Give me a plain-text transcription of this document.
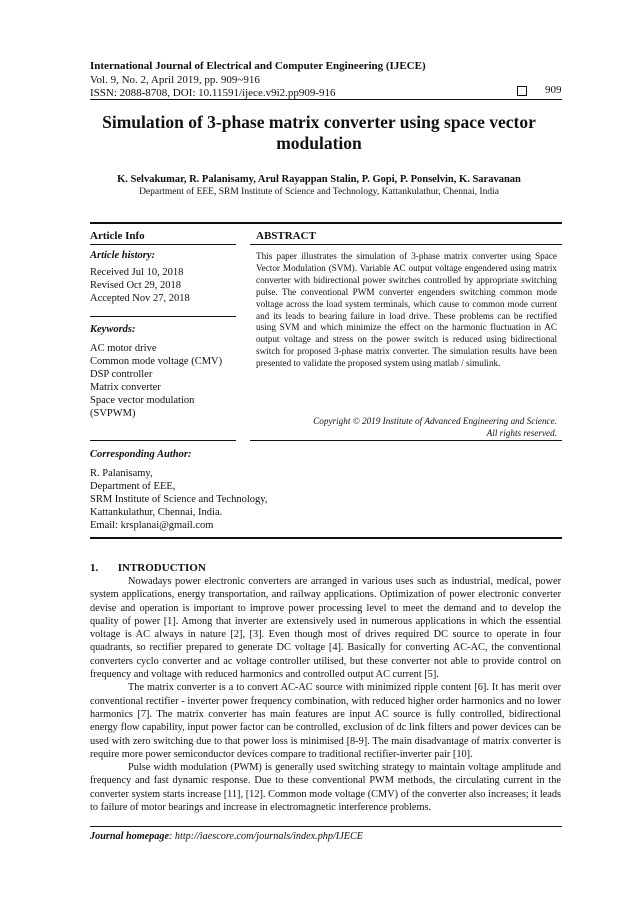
International Journal of Electrical and Computer Engineering (IJECE)
Vol. 9, No. 2, April 2019, pp. 909~916
ISSN: 2088-8708, DOI: 10.11591/ijece.v9i2.pp909-916	909
Simulation of 3-phase matrix converter using space vector
modulation
K. Selvakumar, R. Palanisamy, Arul Rayappan Stalin, P. Gopi, P. Ponselvin, K. Saravanan
Department of EEE, SRM Institute of Science and Technology, Kattankulathur, Chennai, India
Article Info	ABSTRACT
Article history:
Received Jul 10, 2018
Revised Oct 29, 2018
Accepted Nov 27, 2018
Keywords:
AC motor drive
Common mode voltage (CMV)
DSP controller
Matrix converter
Space vector modulation
(SVPWM)
This paper illustrates the simulation of 3-phase matrix converter using Space Vector Modulation (SVM). Variable AC output voltage engendered using matrix converter with bidirectional power switches controlled by appropriate switching pulse. The conventional PWM converter engenders switching common mode voltage across the load system terminals, which cause to common mode current and its leads to bearing failure in load drive. These problems can be rectified using SVM and which minimize the effect on the harmonic fluctuation in AC output voltage and stress on the power switch is reduced using bidirectional switch for proposed 3-phase matrix converter. The simulation results have been presented to validate the proposed system using matlab / simulink.
Copyright © 2019 Institute of Advanced Engineering and Science.
All rights reserved.
Corresponding Author:
R. Palanisamy,
Department of EEE,
SRM Institute of Science and Technology,
Kattankulathur, Chennai, India.
Email: krsplanai@gmail.com
1. INTRODUCTION

Nowadays power electronic converters are arranged in various uses such as industrial, medical, power system applications, energy transportation, and railway applications. Optimization of power electronic converter devise and operation is important to improve power processing level to meet the demand and to develop the quality of power [1]. Among that inverter are extensively used in numerous applications in which the essential voltage is AC always in nature [2], [3]. Even though most of drives required DC source to operate in four quadrants, so rectifier prepared to generate DC voltage [4]. Basically for converting AC-AC, the conventional converters cyclo converter and ac voltage controller utilised, but these converter not able to provide control on frequency and voltage with reduced harmonics and controlled output AC current [5].

The matrix converter is a to convert AC-AC source with minimized ripple content [6]. It has merit over conventional rectifier - inverter power frequency combination, with reduced higher order harmonics and no lower harmonics [7]. The matrix converter has main features are input AC source is fully controlled, bidirectional energy flow capability, input power factor can be controlled, exclusion of dc link filters and power devices can be used with zero switching due to that power loss is minimised [8-9]. The main disadvantage of matrix converter is require more power semiconductor devices compare to traditional rectifier-inverter pair [10].

Pulse width modulation (PWM) is generally used switching strategy to maintain voltage amplitude and frequency and fast dynamic response. Due to these conventional PWM methods, the circulating current in the converter system starts increase [11], [12]. Common mode voltage (CMV) of the converter also increases; it leads to failure of motor bearings and increase in electromagnetic interference problems.

Journal homepage: http://iaescore.com/journals/index.php/IJECE
